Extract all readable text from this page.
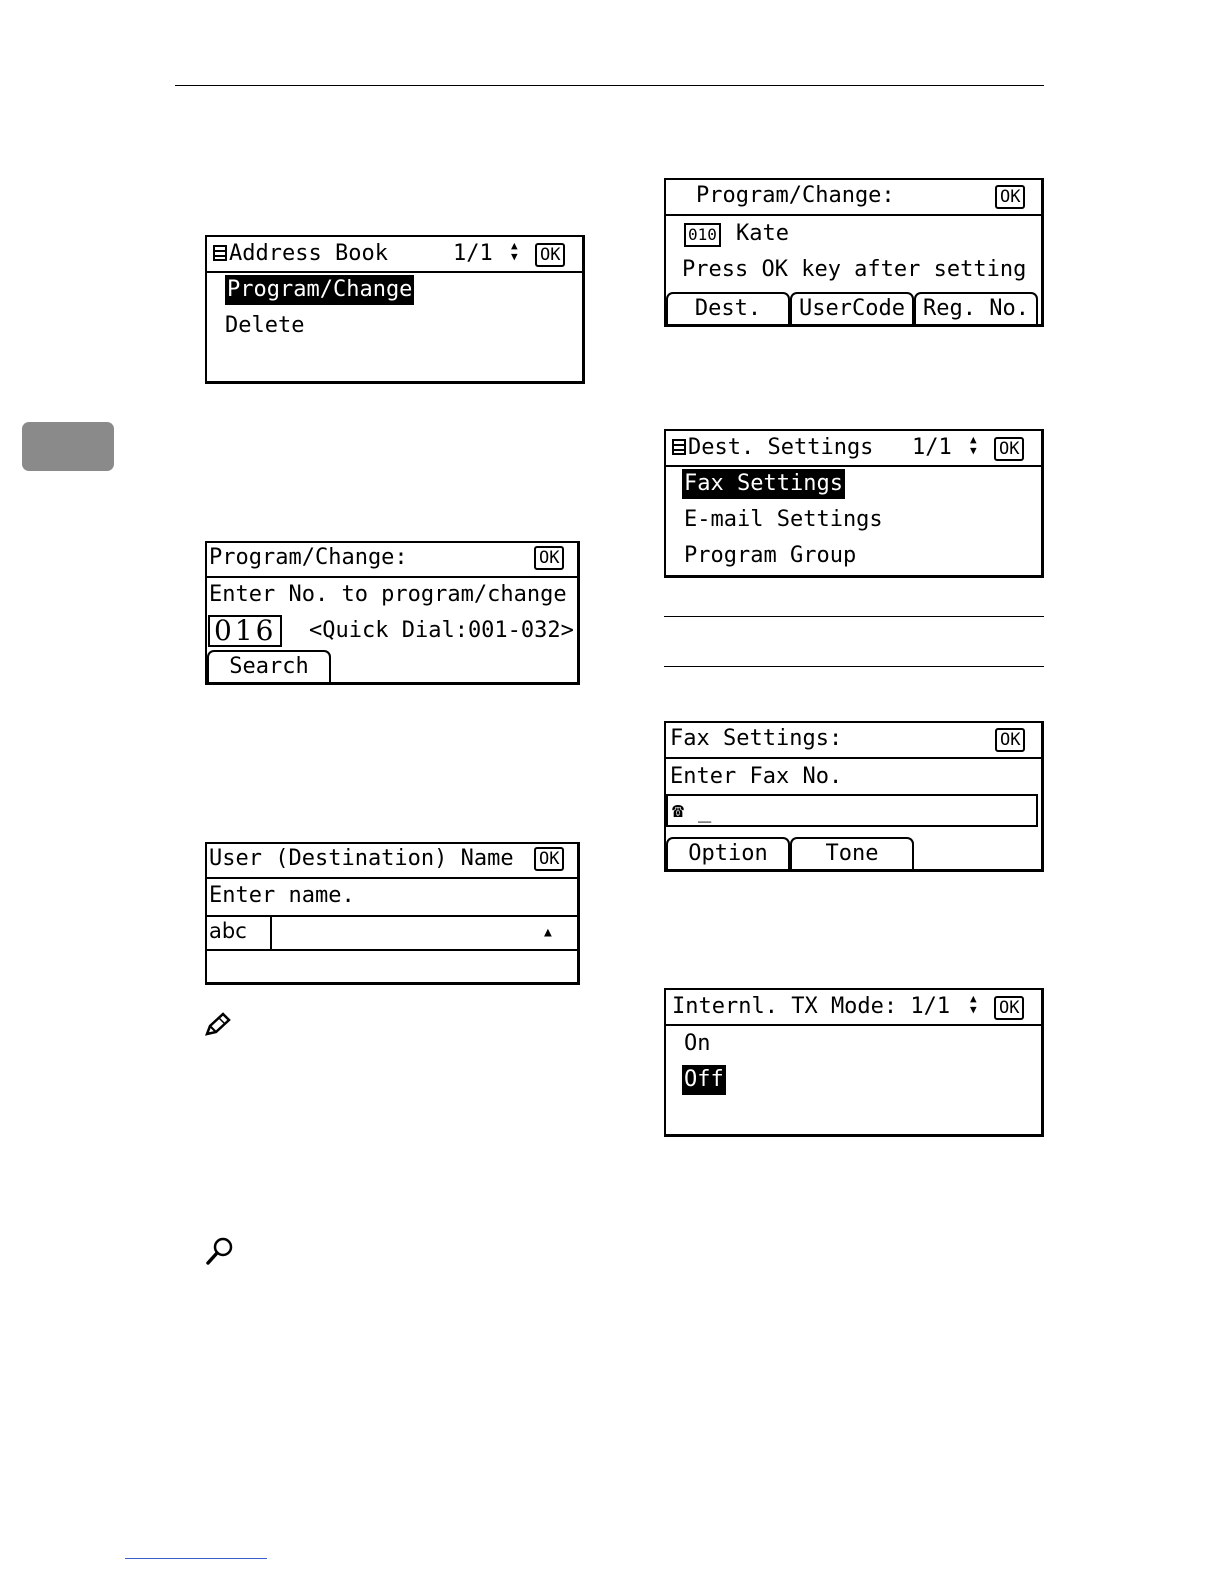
Address Book	1/1 ▲
▼ OK
Program/Change
Delete
Program/Change:	OK
Enter No. to program/change
016 <Quick Dial:001-032>
Search
User (Destination) Name OK
Enter name.
abc	▲
Program/Change:	OK
010 Kate
Press OK key after setting
Dest.	UserCode Reg. No.
Dest. Settings 1/1 ▲
▼ OK
Fax Settings
E-mail Settings
Program Group
Fax Settings:	OK
Enter Fax No.
☎ _
Option	Tone
Internl. TX Mode: 1/1 ▲
▼ OK
On
Off
